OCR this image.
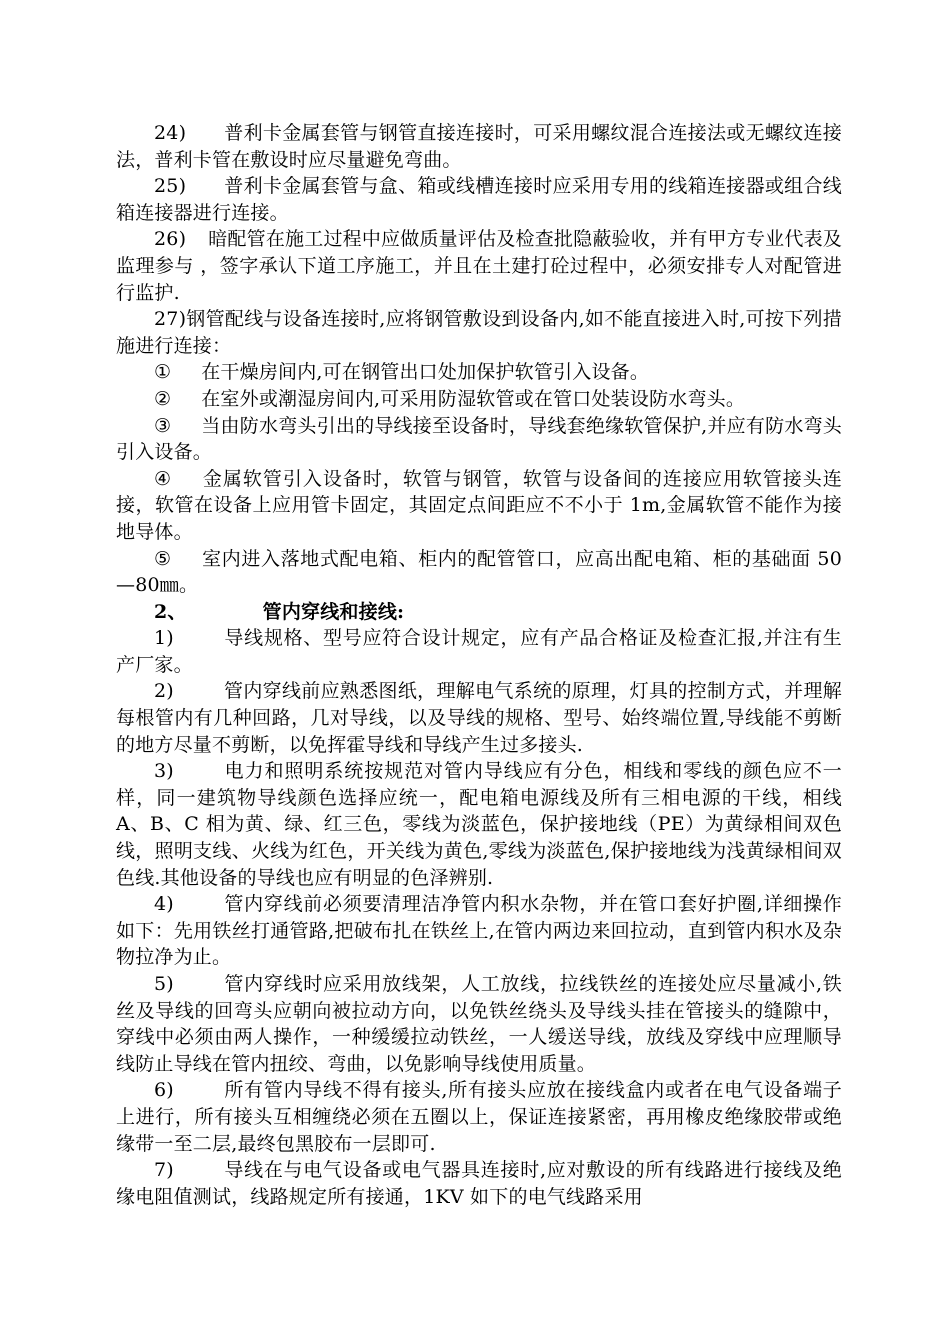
24) 普利卡金属套管与钢管直接连接时，可采用螺纹混合连接法或无螺纹连接法，普利卡管在敷设时应尽量避免弯曲。

25) 普利卡金属套管与盒、箱或线槽连接时应采用专用的线箱连接器或组合线箱连接器进行连接。

26) 暗配管在施工过程中应做质量评估及检查批隐蔽验收，并有甲方专业代表及监理参与 ，签字承认下道工序施工，并且在土建打砼过程中，必须安排专人对配管进行监护.

27)钢管配线与设备连接时,应将钢管敷设到设备内,如不能直接进入时,可按下列措施进行连接：

① 在干燥房间内,可在钢管出口处加保护软管引入设备。

② 在室外或潮湿房间内,可采用防湿软管或在管口处装设防水弯头。

③ 当由防水弯头引出的导线接至设备时，导线套绝缘软管保护,并应有防水弯头引入设备。

④ 金属软管引入设备时，软管与钢管，软管与设备间的连接应用软管接头连接，软管在设备上应用管卡固定，其固定点间距应不不小于 1m,金属软管不能作为接地导体。

⑤ 室内进入落地式配电箱、柜内的配管管口，应高出配电箱、柜的基础面 50—80㎜。

2、	管内穿线和接线:

1)	导线规格、型号应符合设计规定，应有产品合格证及检查汇报,并注有生产厂家。

2)	管内穿线前应熟悉图纸，理解电气系统的原理，灯具的控制方式，并理解每根管内有几种回路，几对导线，以及导线的规格、型号、始终端位置,导线能不剪断的地方尽量不剪断，以免挥霍导线和导线产生过多接头.

3)	电力和照明系统按规范对管内导线应有分色，相线和零线的颜色应不一样，同一建筑物导线颜色选择应统一，配电箱电源线及所有三相电源的干线，相线 A、B、C 相为黄、绿、红三色，零线为淡蓝色，保护接地线（PE）为黄绿相间双色线，照明支线、火线为红色，开关线为黄色,零线为淡蓝色,保护接地线为浅黄绿相间双色线.其他设备的导线也应有明显的色泽辨别.

4)	管内穿线前必须要清理洁净管内积水杂物，并在管口套好护圈,详细操作如下：先用铁丝打通管路,把破布扎在铁丝上,在管内两边来回拉动，直到管内积水及杂物拉净为止。

5)	管内穿线时应采用放线架，人工放线，拉线铁丝的连接处应尽量减小,铁丝及导线的回弯头应朝向被拉动方向，以免铁丝绕头及导线头挂在管接头的缝隙中，穿线中必须由两人操作，一种缓缓拉动铁丝，一人缓送导线，放线及穿线中应理顺导线防止导线在管内扭绞、弯曲，以免影响导线使用质量。

6)	所有管内导线不得有接头,所有接头应放在接线盒内或者在电气设备端子上进行，所有接头互相缠绕必须在五圈以上，保证连接紧密，再用橡皮绝缘胶带或绝缘带一至二层,最终包黑胶布一层即可.

7)	导线在与电气设备或电气器具连接时,应对敷设的所有线路进行接线及绝缘电阻值测试，线路规定所有接通，1KV 如下的电气线路采用
